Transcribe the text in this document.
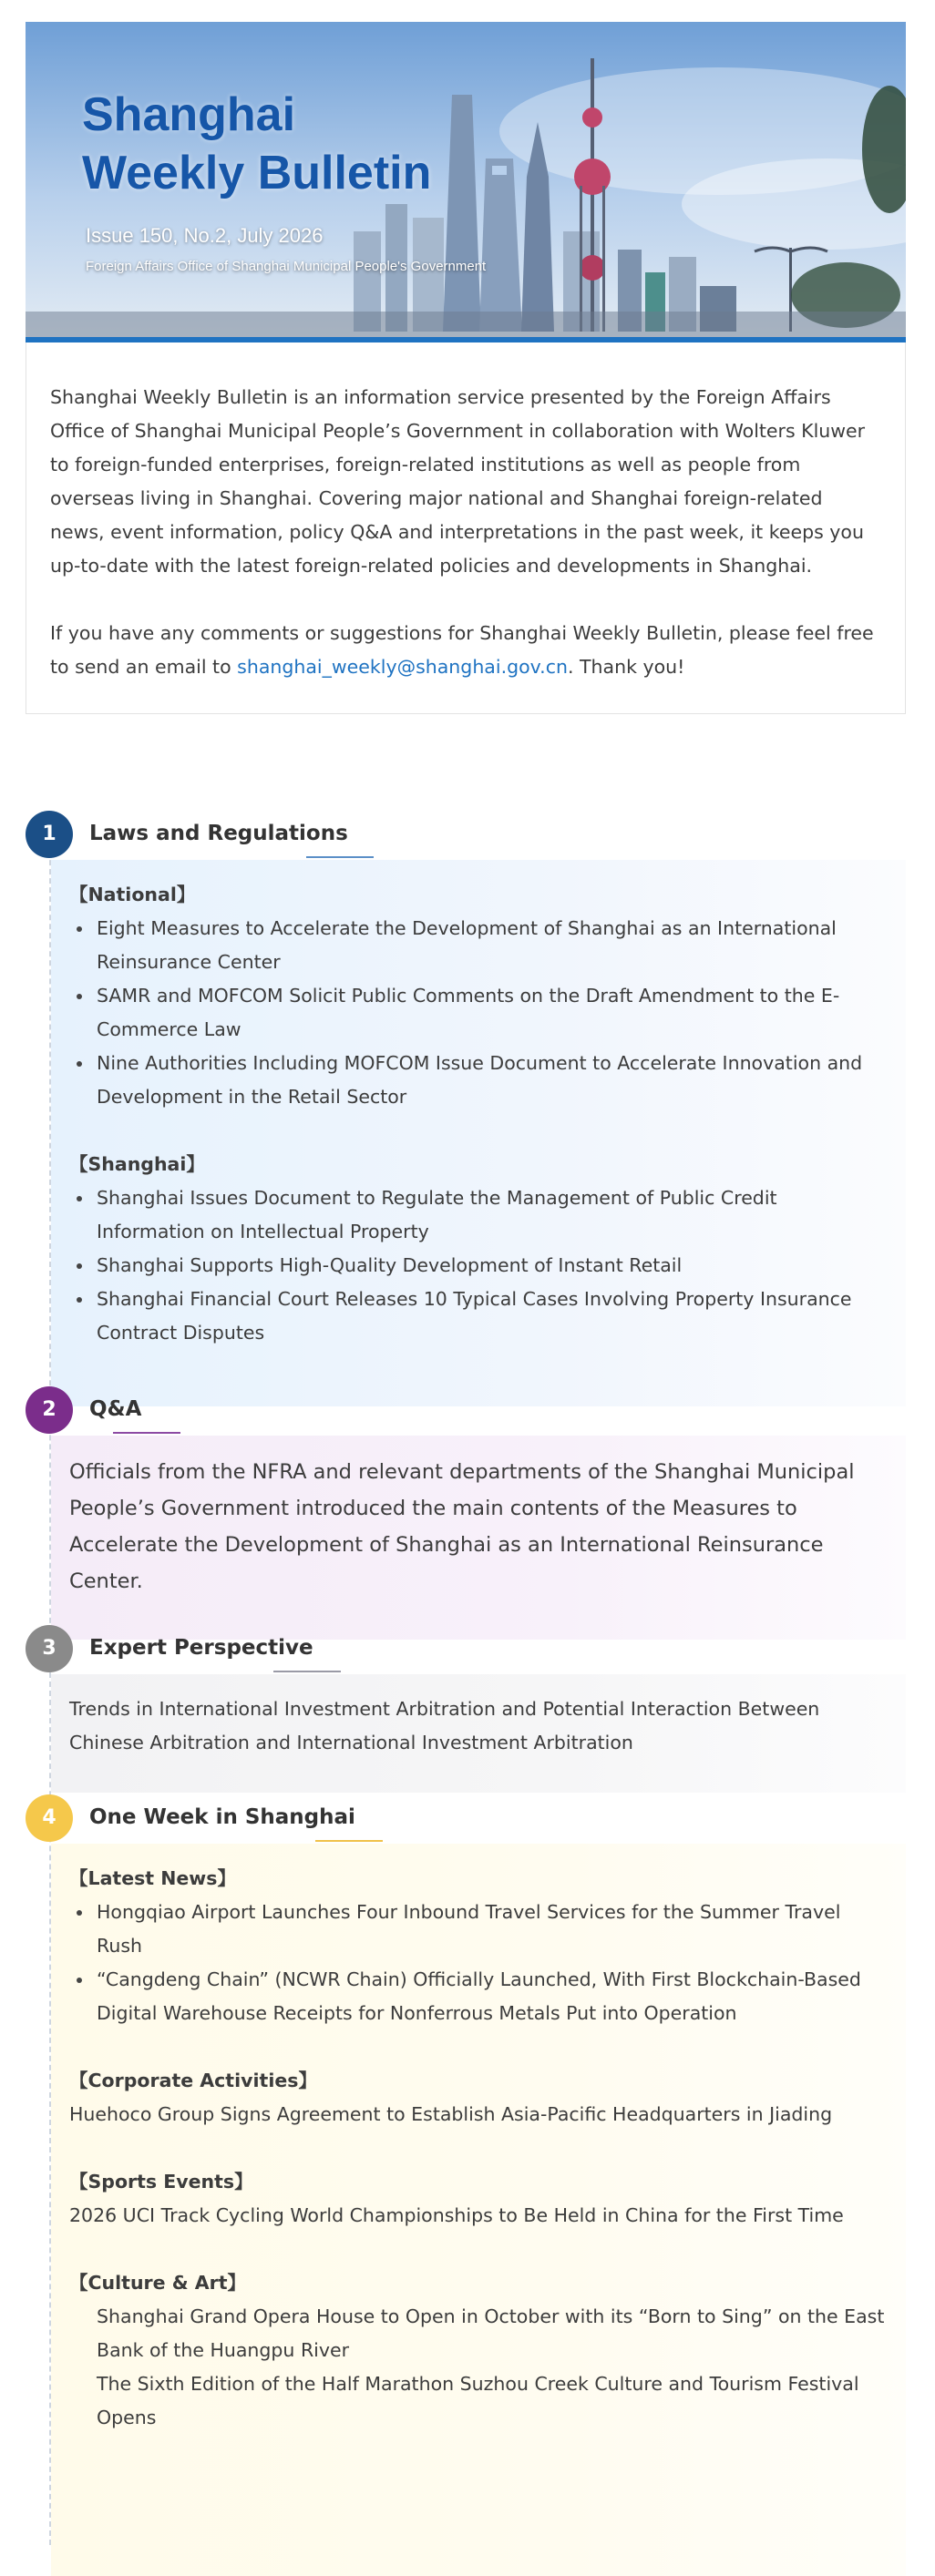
Shanghai
Weekly Bulletin
Issue 150, No.2, July 2026
Foreign Affairs Office of Shanghai Municipal People's Government

Shanghai Weekly Bulletin is an information service presented by the Foreign Affairs Office of Shanghai Municipal People’s Government in collaboration with Wolters Kluwer to foreign-funded enterprises, foreign-related institutions as well as people from overseas living in Shanghai. Covering major national and Shanghai foreign-related news, event information, policy Q&A and interpretations in the past week, it keeps you up-to-date with the latest foreign-related policies and developments in Shanghai.

If you have any comments or suggestions for Shanghai Weekly Bulletin, please feel free to send an email to shanghai_weekly@shanghai.gov.cn. Thank you!

1	Laws and Regulations

【National】

Eight Measures to Accelerate the Development of Shanghai as an International Reinsurance Center
SAMR and MOFCOM Solicit Public Comments on the Draft Amendment to the E-Commerce Law
Nine Authorities Including MOFCOM Issue Document to Accelerate Innovation and Development in the Retail Sector

【Shanghai】

Shanghai Issues Document to Regulate the Management of Public Credit Information on Intellectual Property
Shanghai Supports High-Quality Development of Instant Retail
Shanghai Financial Court Releases 10 Typical Cases Involving Property Insurance Contract Disputes
2	Q&A

Officials from the NFRA and relevant departments of the Shanghai Municipal People’s Government introduced the main contents of the Measures to Accelerate the Development of Shanghai as an International Reinsurance Center.

3	Expert Perspective

Trends in International Investment Arbitration and Potential Interaction Between Chinese Arbitration and International Investment Arbitration

4	One Week in Shanghai

【Latest News】

Hongqiao Airport Launches Four Inbound Travel Services for the Summer Travel Rush
“Cangdeng Chain” (NCWR Chain) Officially Launched, With First Blockchain-Based Digital Warehouse Receipts for Nonferrous Metals Put into Operation

【Corporate Activities】

Huehoco Group Signs Agreement to Establish Asia-Pacific Headquarters in Jiading

【Sports Events】

2026 UCI Track Cycling World Championships to Be Held in China for the First Time

【Culture & Art】

Shanghai Grand Opera House to Open in October with its “Born to Sing” on the East Bank of the Huangpu River

The Sixth Edition of the Half Marathon Suzhou Creek Culture and Tourism Festival Opens
